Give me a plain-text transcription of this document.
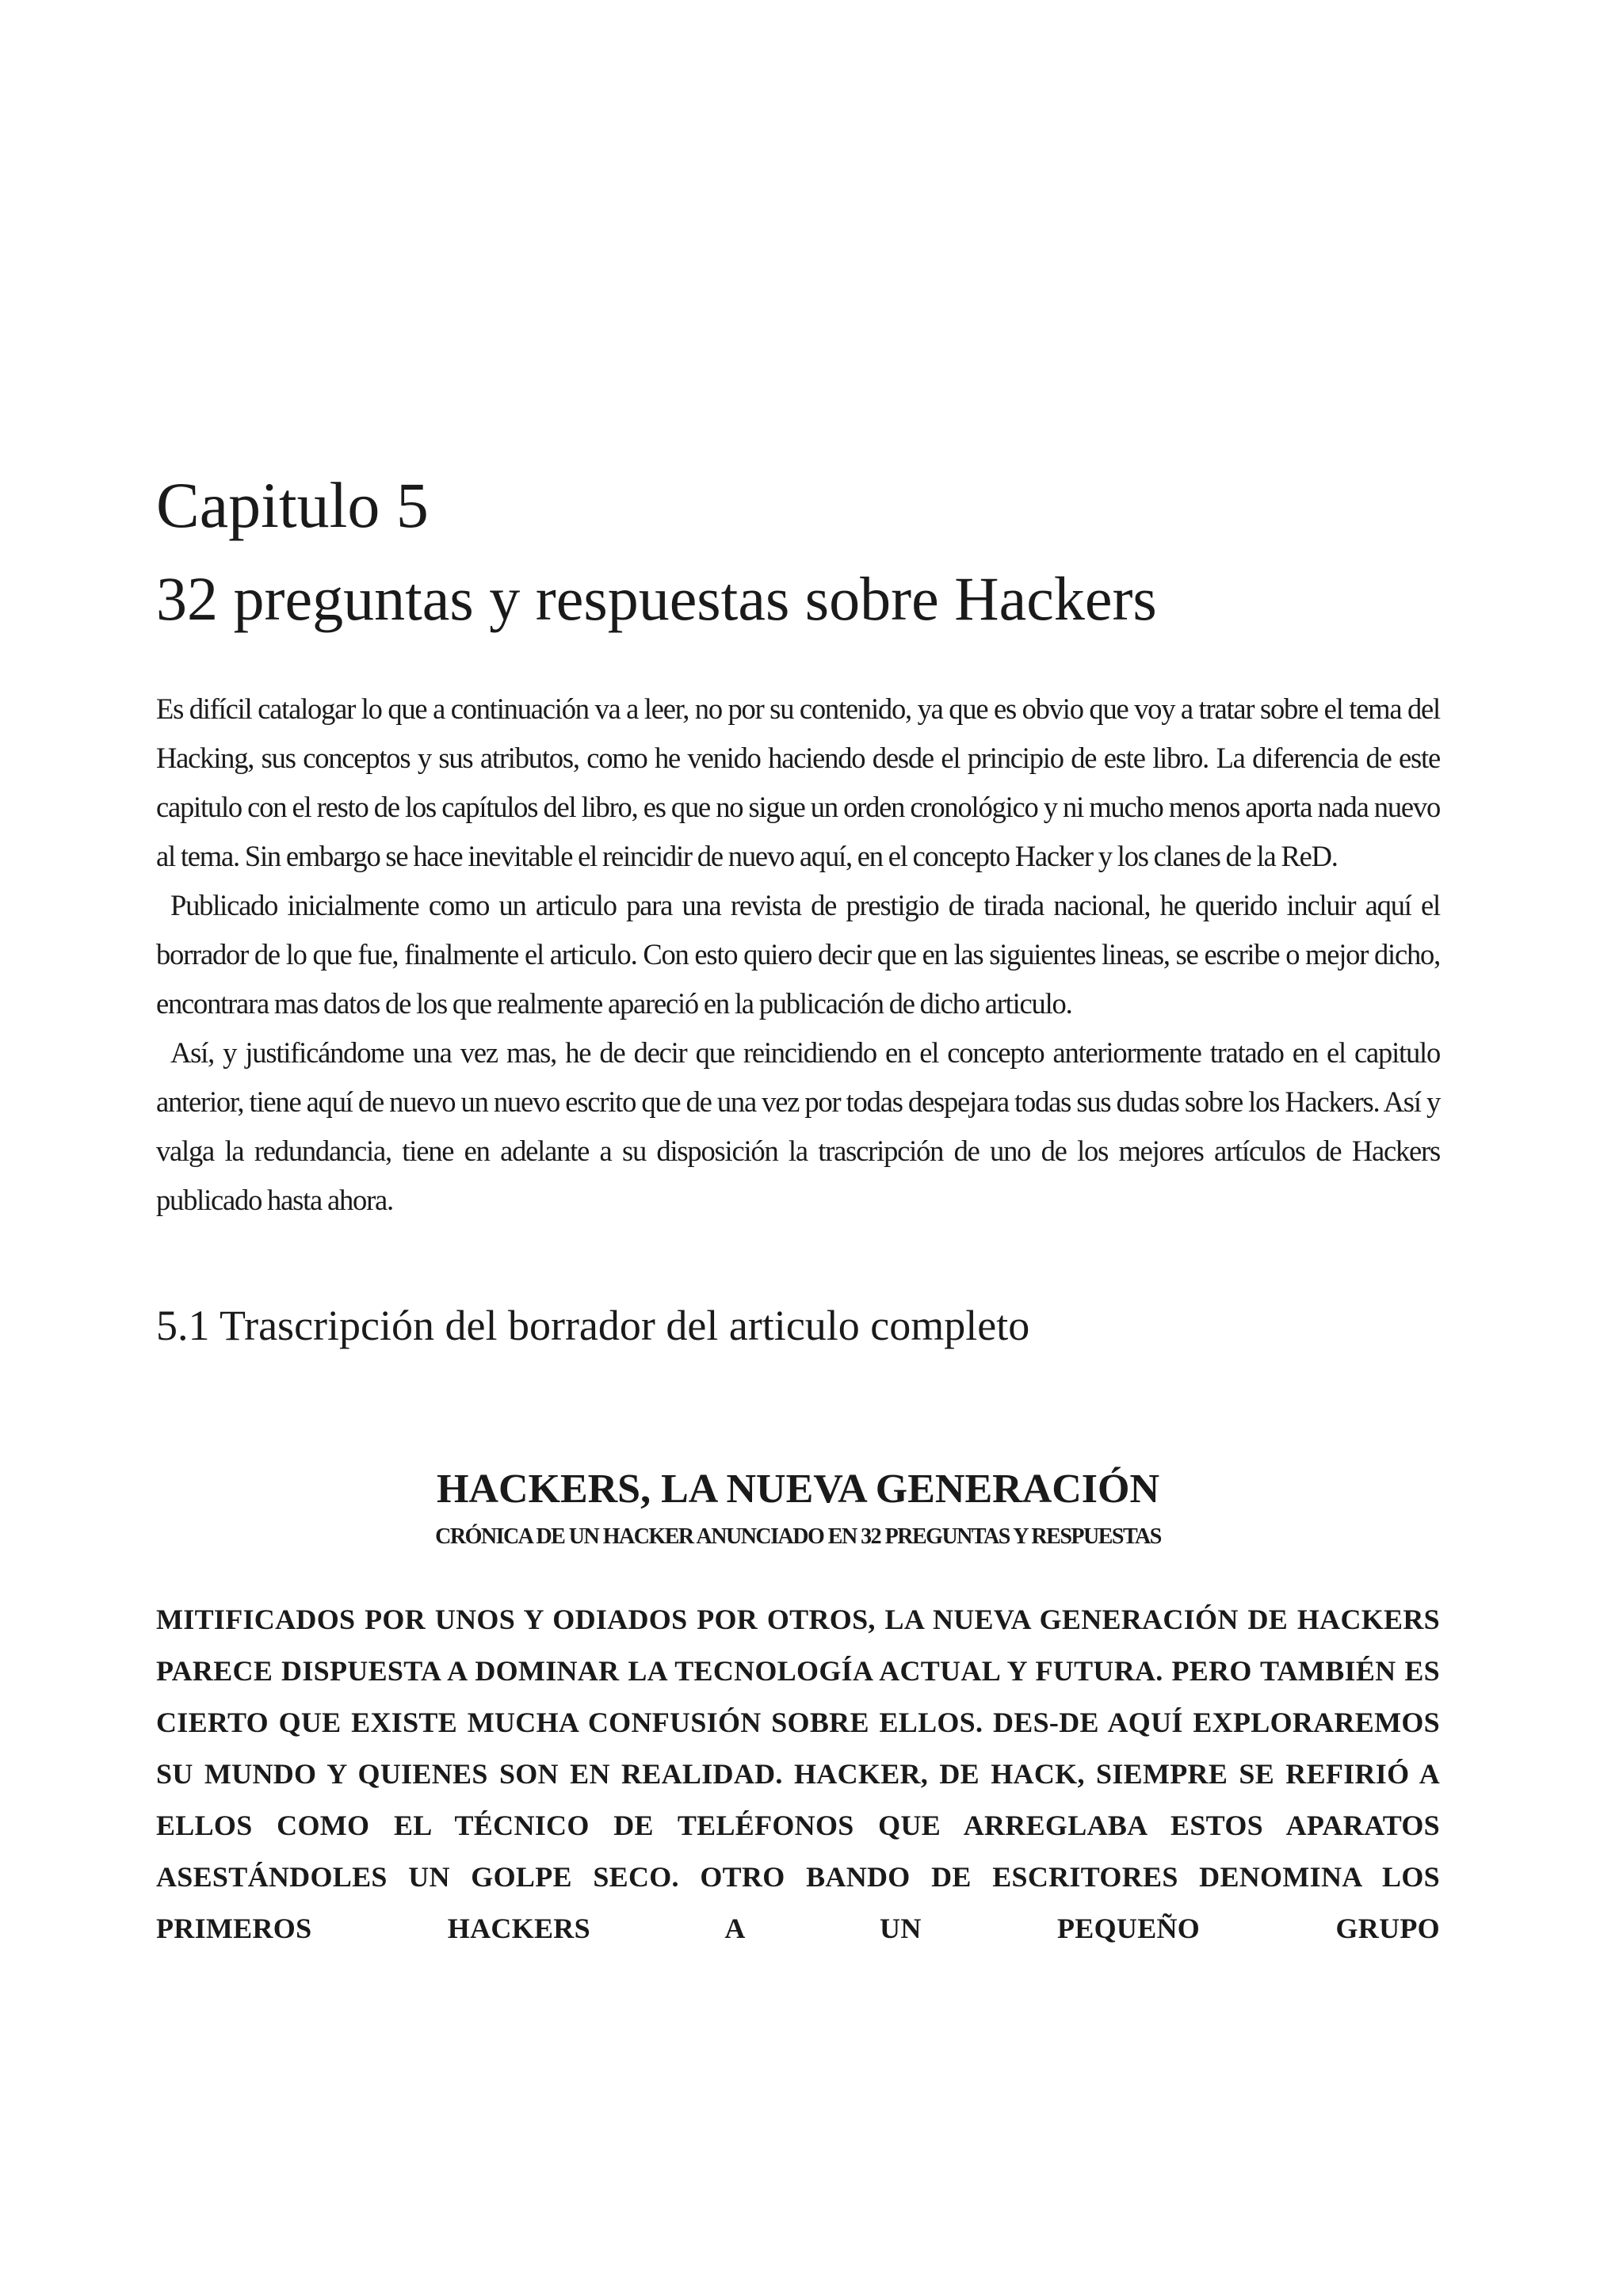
Capitulo 5
32 preguntas y respuestas sobre Hackers

Es difícil catalogar lo que a continuación va a leer, no por su contenido, ya que es obvio que voy a tratar sobre el tema del Hacking, sus conceptos y sus atributos, como he venido haciendo desde el principio de este libro. La diferencia de este capitulo con el resto de los capítulos del libro, es que no sigue un orden cronológico y ni mucho menos aporta nada nuevo al tema. Sin embargo se hace inevitable el reincidir de nuevo aquí, en el concepto Hacker y los clanes de la ReD.

Publicado inicialmente como un articulo para una revista de prestigio de tirada nacional, he querido incluir aquí el borrador de lo que fue, finalmente el articulo. Con esto quiero decir que en las siguientes lineas, se escribe o mejor dicho, encontrara mas datos de los que realmente apareció en la publicación de dicho articulo.

Así, y justificándome una vez mas, he de decir que reincidiendo en el concepto anteriormente tratado en el capitulo anterior, tiene aquí de nuevo un nuevo escrito que de una vez por todas despejara todas sus dudas sobre los Hackers. Así y valga la redundancia, tiene en adelante a su disposición la trascripción de uno de los mejores artículos de Hackers publicado hasta ahora.

5.1 Trascripción del borrador del articulo completo
HACKERS, LA NUEVA GENERACIÓN
CRÓNICA DE UN HACKER ANUNCIADO EN 32 PREGUNTAS Y RESPUESTAS
MITIFICADOS POR UNOS Y ODIADOS POR OTROS, LA NUEVA GENERACIÓN DE HACKERS PARECE DISPUESTA A DOMINAR LA TECNOLOGÍA ACTUAL Y FUTURA. PERO TAMBIÉN ES CIERTO QUE EXISTE MUCHA CONFUSIÓN SOBRE ELLOS. DES-DE AQUÍ EXPLORAREMOS SU MUNDO Y QUIENES SON EN REALIDAD. HACKER, DE HACK, SIEMPRE SE REFIRIÓ A ELLOS COMO EL TÉCNICO DE TELÉFONOS QUE ARREGLABA ESTOS APARATOS ASESTÁNDOLES UN GOLPE SECO. OTRO BANDO DE ESCRITORES DENOMINA LOS PRIMEROS HACKERS A UN PEQUEÑO GRUPO
